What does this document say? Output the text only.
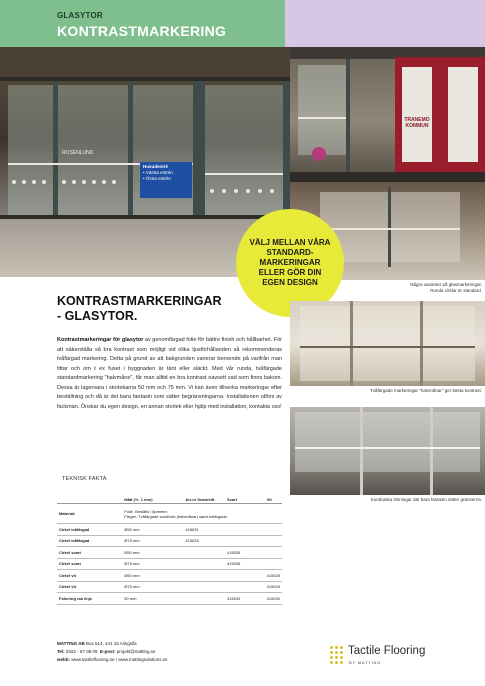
GLASYTOR
KONTRASTMARKERING
ROSENLUND
Huvudentré
• Västra entrén
• Östra entrén
TRANEMO KOMMUN
VÄLJ MELLAN VÅRA STANDARD-MARKERINGAR ELLER GÖR DIN EGEN DESIGN	Några varianter på glasmarkeringar.
Runda cirklar är standard.
Tvåfärgade markeringar "halvmånar" ger bästa kontrast.
Kundunika lösningar där bara fantasin sätter gränserna.
KONTRASTMARKERINGAR
- GLASYTOR.
Kontrastmarkeringar för glasytor av genomfärgad folie för bättre finish och hållbarhet. För att säkerställa så bra kontrast som möjligt vid olika ljusförhållanden så rekommenderas tvåfärgad markering. Detta på grund av att bakgrunden varierar beroende på varifrån man tittar och om t ex fuset i byggnaden är tänt eller släckt. Med vår runda, tvåfärgade standardmarkering "halvmåne", får man alltid en bra kontrast oavsett vad som finns bakom. Dessa är lagervara i storlekarna 50 mm och 75 mm. Vi kan även tillverka markeringar efter beställning och då är det bara fantasin som sätter begränsningarna. Installationen utförs av fackman. Önskar du egen design, en annan storlek eller hjälp med installation, kontakta oss!
TEKNISK FAKTA
	Mått (+/- 1 mm)	Art.nr Svart/vitt	Svart	Vit
Material:	Folie. Beställs i 8pmeter.
Färger: Tvåfärgade svart/vita (halvmånar) samt enfärgade.			

Cirkel tvåfärgad	Ø50 mm	415031		
Cirkel tvåfärgad	Ø75 mm	415033		
Cirkel svart	Ø50 mm		415035	
Cirkel svart	Ø75 mm		415036	
Cirkel vit	Ø50 mm			415028
Cirkel vit	Ø75 mm			415029
Foliering rak linje	50 mm		415034	415030
MATTING AB Box 514, 441 15 Alingsås
Tel: 0322 - 67 08 05 E-post: projekt@matting.se
webb: www.tactileflooring.se / www.mattingsolutions.se
Tactile Flooring
BY MATTING
